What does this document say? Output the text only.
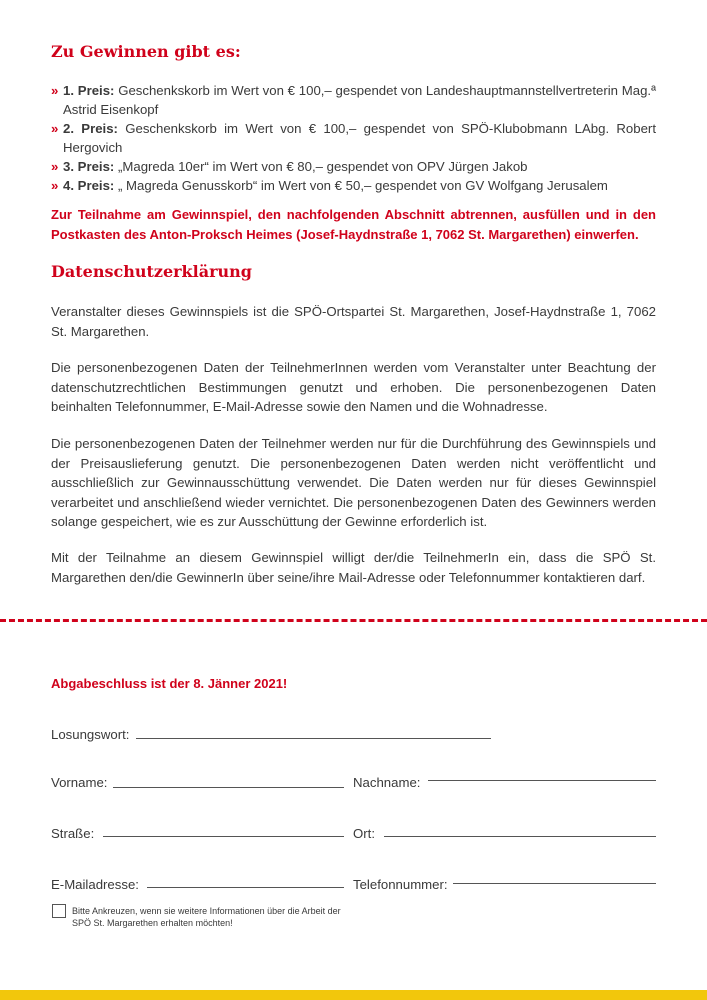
Zu Gewinnen gibt es:
» 1. Preis: Geschenkskorb im Wert von € 100,– gespendet von Landeshauptmannstellvertreterin Mag.ª Astrid Eisenkopf
» 2. Preis: Geschenkskorb im Wert von € 100,– gespendet von SPÖ-Klubobmann LAbg. Robert Hergovich
» 3. Preis: „Magreda 10er“ im Wert von € 80,– gespendet von OPV Jürgen Jakob
» 4. Preis: „ Magreda Genusskorb“ im Wert von € 50,– gespendet von GV Wolfgang Jerusalem
Zur Teilnahme am Gewinnspiel, den nachfolgenden Abschnitt abtrennen, ausfüllen und in den Postkasten des Anton-Proksch Heimes (Josef-Haydnstraße 1, 7062 St. Margarethen) einwerfen.
Datenschutzerklärung

Veranstalter dieses Gewinnspiels ist die SPÖ-Ortspartei St. Margarethen, Josef-Haydnstraße 1, 7062 St. Margarethen.

Die personenbezogenen Daten der TeilnehmerInnen werden vom Veranstalter unter Beachtung der datenschutzrechtlichen Bestimmungen genutzt und erhoben. Die personenbezogenen Daten beinhalten Telefonnummer, E-Mail-Adresse sowie den Namen und die Wohnadresse.

Die personenbezogenen Daten der Teilnehmer werden nur für die Durchführung des Gewinnspiels und der Preisauslieferung genutzt. Die personenbezogenen Daten werden nicht veröffentlicht und ausschließlich zur Gewinnausschüttung verwendet. Die Daten werden nur für dieses Gewinnspiel verarbeitet und anschließend wieder vernichtet. Die personenbezogenen Daten des Gewinners werden solange gespeichert, wie es zur Ausschüttung der Gewinne erforderlich ist.

Mit der Teilnahme an diesem Gewinnspiel willigt der/die TeilnehmerIn ein, dass die SPÖ St. Margarethen den/die GewinnerIn über seine/ihre Mail-Adresse oder Telefonnummer kontaktieren darf.

Abgabeschluss ist der 8. Jänner 2021!
Losungswort:
Vorname:	Nachname:
Straße:	Ort:
E-Mailadresse:	Telefonnummer:
Bitte Ankreuzen, wenn sie weitere Informationen über die Arbeit der SPÖ St. Margarethen erhalten möchten!
